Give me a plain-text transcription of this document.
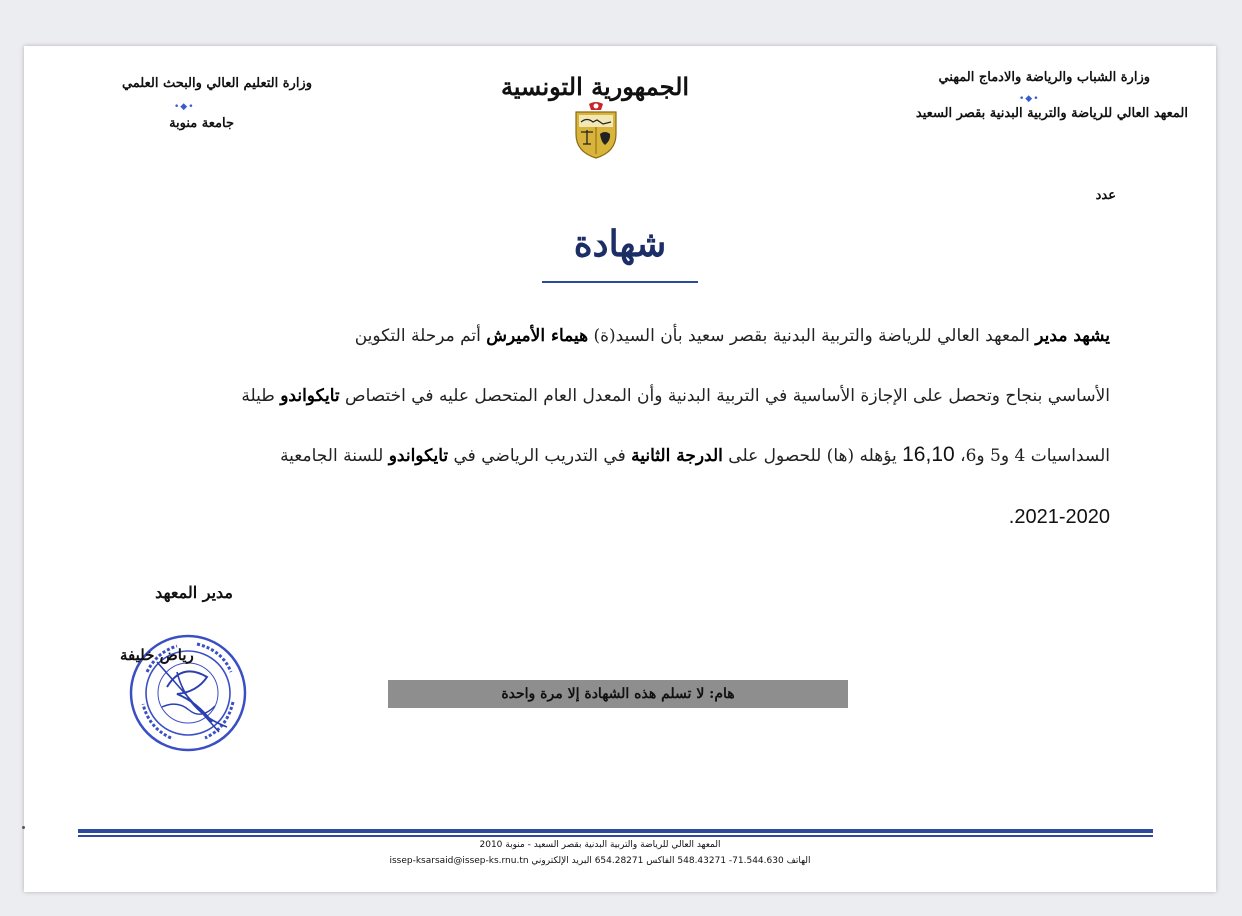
وزارة التعليم العالي والبحث العلمي
•◆•
جامعة منوبة
الجمهورية التونسية	وزارة الشباب والرياضة والادماج المهني
•◆•
المعهد العالي للرياضة والتربية البدنية بقصر السعيد
عدد
شهادة
يشهد مدير المعهد العالي للرياضة والتربية البدنية بقصر سعيد بأن السيد(ة) هيماء الأميرش أتم مرحلة التكوين
الأساسي بنجاح وتحصل على الإجازة الأساسية في التربية البدنية وأن المعدل العام المتحصل عليه في اختصاص تايكواندو طيلة
السداسيات 4 و5 و6، 16,10 يؤهله (ها) للحصول على الدرجة الثانية في التدريب الرياضي في تايكواندو للسنة الجامعية
2021-2020.
مدير المعهد
رياض خليفة
هام: لا تسلم هذه الشهادة إلا مرة واحدة
المعهد العالي للرياضة والتربية البدنية بقصر السعيد - منوبة 2010
الهاتف 71.544.630- 548.43271 الفاكس 654.28271 البريد الإلكتروني issep-ksarsaid@issep-ks.rnu.tn
